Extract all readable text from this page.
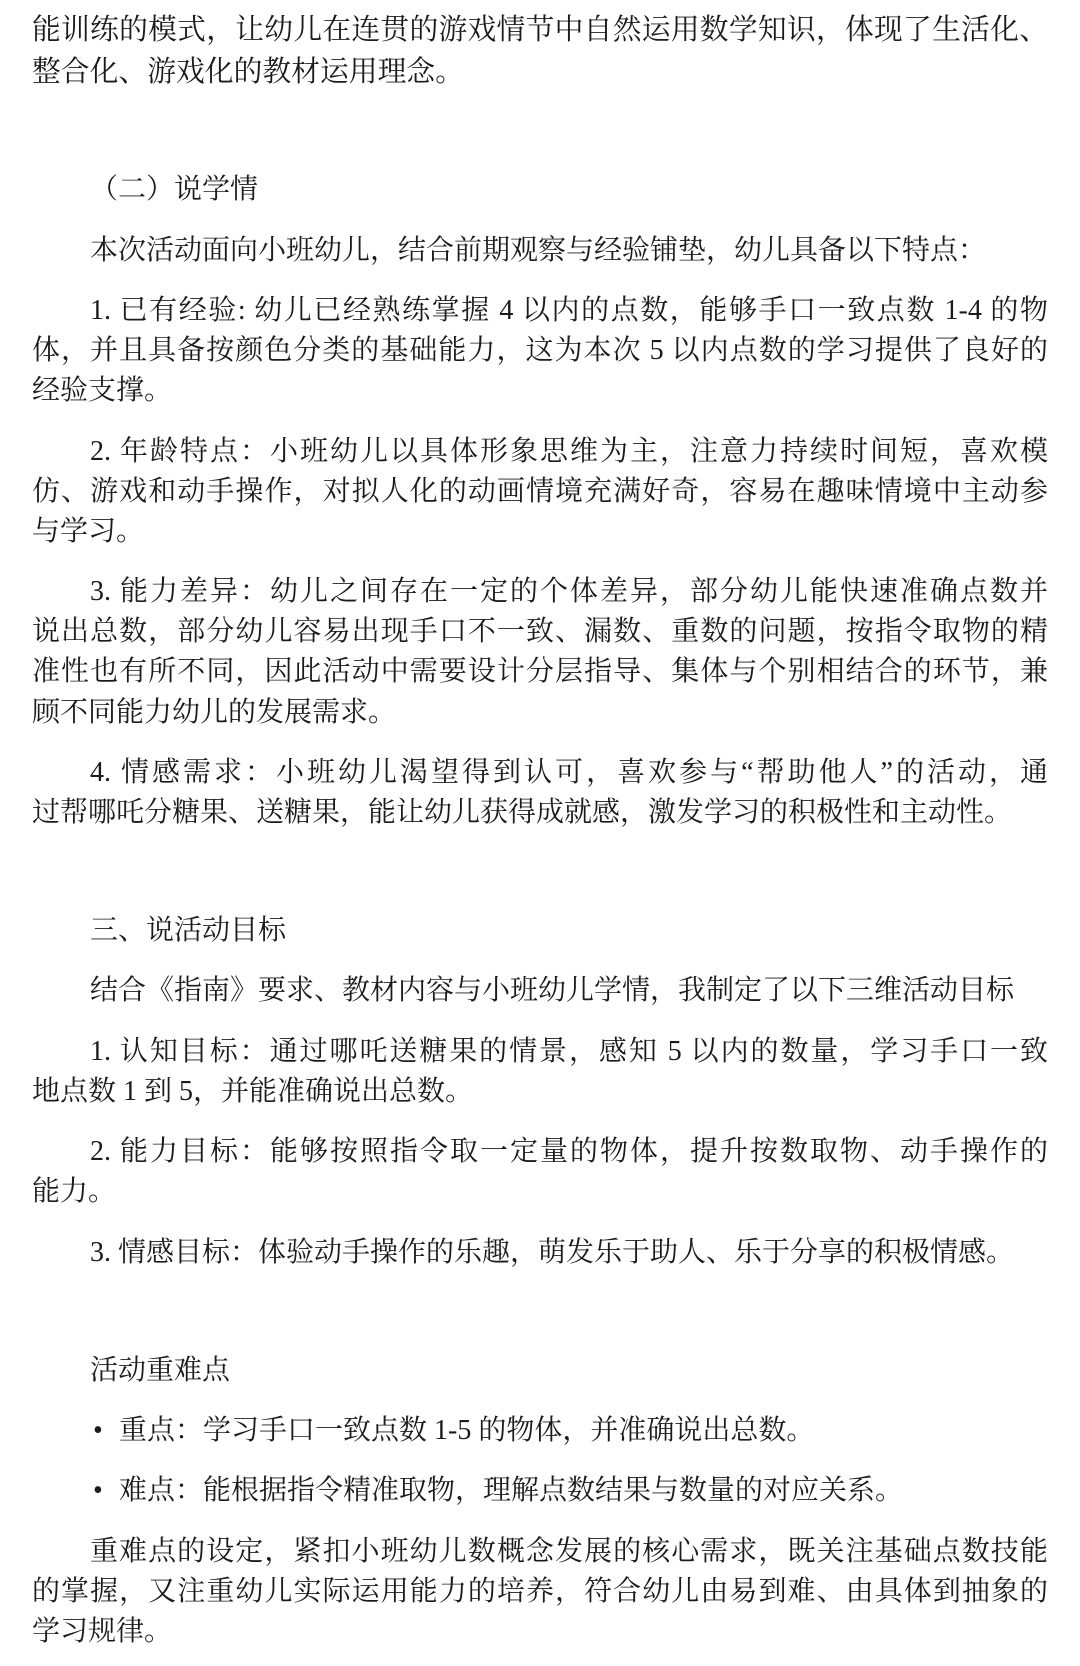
能训练的模式，让幼儿在连贯的游戏情节中自然运用数学知识，体现了生活化、
整合化、游戏化的教材运用理念。
（二）说学情
本次活动面向小班幼儿，结合前期观察与经验铺垫，幼儿具备以下特点：
1. 已有经验: 幼儿已经熟练掌握 4 以内的点数，能够手口一致点数 1-4 的物
体，并且具备按颜色分类的基础能力，这为本次 5 以内点数的学习提供了良好的
经验支撑。
2. 年龄特点：小班幼儿以具体形象思维为主，注意力持续时间短，喜欢模
仿、游戏和动手操作，对拟人化的动画情境充满好奇，容易在趣味情境中主动参
与学习。
3. 能力差异：幼儿之间存在一定的个体差异，部分幼儿能快速准确点数并
说出总数，部分幼儿容易出现手口不一致、漏数、重数的问题，按指令取物的精
准性也有所不同，因此活动中需要设计分层指导、集体与个别相结合的环节，兼
顾不同能力幼儿的发展需求。
4. 情感需求：小班幼儿渴望得到认可，喜欢参与“帮助他人”的活动，通
过帮哪吒分糖果、送糖果，能让幼儿获得成就感，激发学习的积极性和主动性。
三、说活动目标
结合《指南》要求、教材内容与小班幼儿学情，我制定了以下三维活动目标
1. 认知目标：通过哪吒送糖果的情景，感知 5 以内的数量，学习手口一致
地点数 1 到 5，并能准确说出总数。
2. 能力目标：能够按照指令取一定量的物体，提升按数取物、动手操作的
能力。
3. 情感目标：体验动手操作的乐趣，萌发乐于助人、乐于分享的积极情感。
活动重难点
• 重点：学习手口一致点数 1-5 的物体，并准确说出总数。
• 难点：能根据指令精准取物，理解点数结果与数量的对应关系。
重难点的设定，紧扣小班幼儿数概念发展的核心需求，既关注基础点数技能
的掌握，又注重幼儿实际运用能力的培养，符合幼儿由易到难、由具体到抽象的
学习规律。
